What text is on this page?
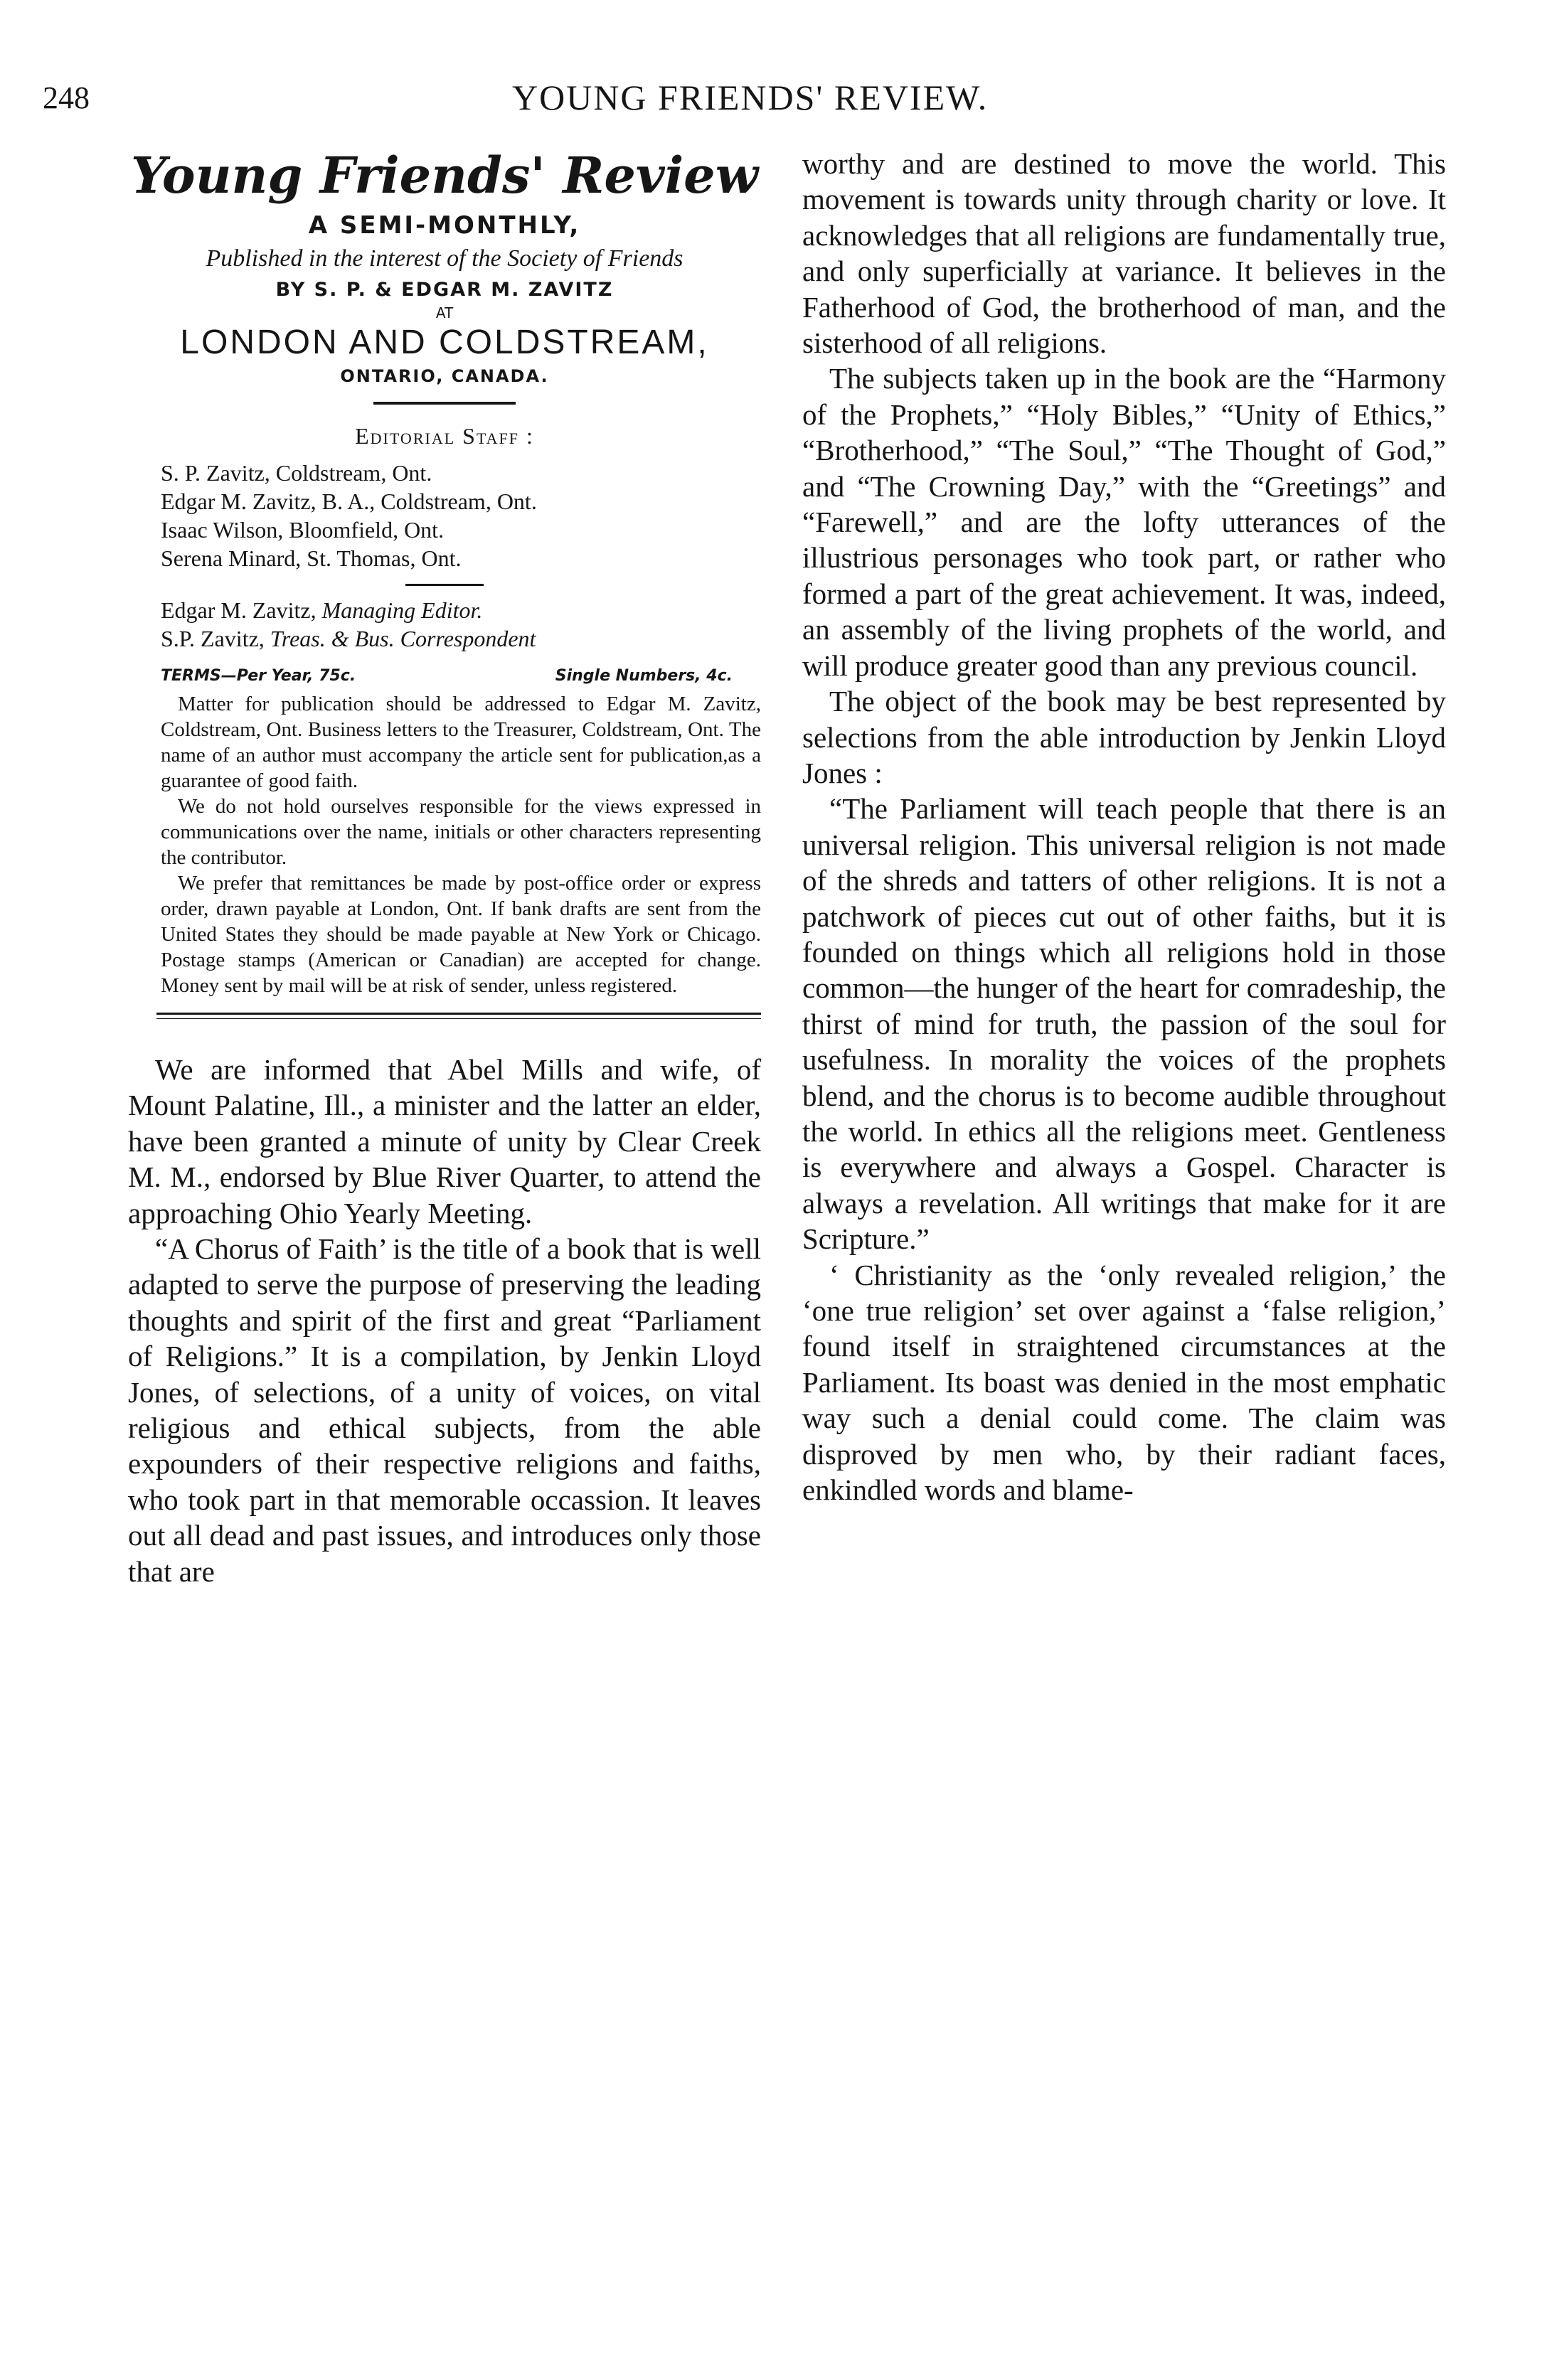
248	YOUNG FRIENDS' REVIEW.
Young Friends' Review
A SEMI-MONTHLY,
Published in the interest of the Society of Friends
BY S. P. & EDGAR M. ZAVITZ
AT
LONDON AND COLDSTREAM,
ONTARIO, CANADA.
Editorial Staff :
S. P. Zavitz, Coldstream, Ont.
Edgar M. Zavitz, B. A., Coldstream, Ont.
Isaac Wilson, Bloomfield, Ont.
Serena Minard, St. Thomas, Ont.
Edgar M. Zavitz, Managing Editor.
S.P. Zavitz, Treas. & Bus. Correspondent
TERMS—Per Year, 75c.	Single Numbers, 4c.
Matter for publication should be addressed to Edgar M. Zavitz, Coldstream, Ont. Business letters to the Treasurer, Coldstream, Ont. The name of an author must accompany the article sent for publication,as a guarantee of good faith.
We do not hold ourselves responsible for the views expressed in communications over the name, initials or other characters representing the contributor.
We prefer that remittances be made by post-office order or express order, drawn payable at London, Ont. If bank drafts are sent from the United States they should be made payable at New York or Chicago. Postage stamps (American or Canadian) are accepted for change. Money sent by mail will be at risk of sender, unless registered.

We are informed that Abel Mills and wife, of Mount Palatine, Ill., a minister and the latter an elder, have been granted a minute of unity by Clear Creek M. M., endorsed by Blue River Quarter, to attend the approaching Ohio Yearly Meeting.

“A Chorus of Faith’ is the title of a book that is well adapted to serve the purpose of preserving the leading thoughts and spirit of the first and great “Parliament of Religions.” It is a compilation, by Jenkin Lloyd Jones, of selections, of a unity of voices, on vital religious and ethical subjects, from the able expounders of their respective religions and faiths, who took part in that memorable occassion. It leaves out all dead and past issues, and introduces only those that are

worthy and are destined to move the world. This movement is towards unity through charity or love. It acknowledges that all religions are fundamentally true, and only superficially at variance. It believes in the Fatherhood of God, the brotherhood of man, and the sisterhood of all religions.

The subjects taken up in the book are the “Harmony of the Prophets,” “Holy Bibles,” “Unity of Ethics,” “Brotherhood,” “The Soul,” “The Thought of God,” and “The Crowning Day,” with the “Greetings” and “Farewell,” and are the lofty utterances of the illustrious personages who took part, or rather who formed a part of the great achievement. It was, indeed, an assembly of the living prophets of the world, and will produce greater good than any previous council.

The object of the book may be best represented by selections from the able introduction by Jenkin Lloyd Jones :

“The Parliament will teach people that there is an universal religion. This universal religion is not made of the shreds and tatters of other religions. It is not a patchwork of pieces cut out of other faiths, but it is founded on things which all religions hold in those common—the hunger of the heart for comradeship, the thirst of mind for truth, the passion of the soul for usefulness. In morality the voices of the prophets blend, and the chorus is to become audible throughout the world. In ethics all the religions meet. Gentleness is everywhere and always a Gospel. Character is always a revelation. All writings that make for it are Scripture.”

‘ Christianity as the ‘only revealed religion,’ the ‘one true religion’ set over against a ‘false religion,’ found itself in straightened circumstances at the Parliament. Its boast was denied in the most emphatic way such a denial could come. The claim was disproved by men who, by their radiant faces, enkindled words and blame-
